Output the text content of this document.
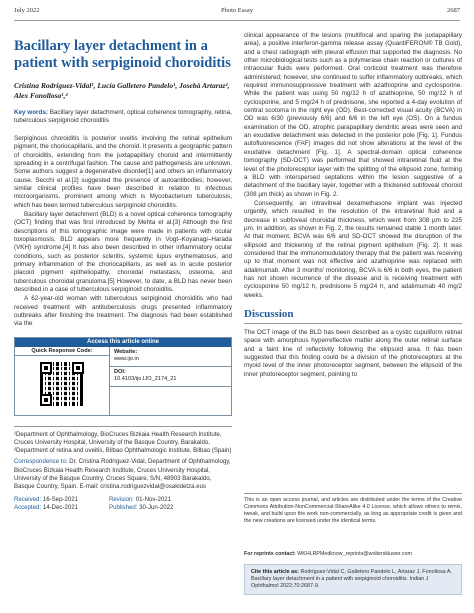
July 2022	Photo Essay	2687
Bacillary layer detachment in a patient with serpiginoid choroiditis
Cristina Rodríguez-Vidal¹, Lucía Galletero Pandelo¹, Josebà Artaraz², Alex Fonollosa¹,²
Key words: Bacillary layer detachment, optical coherence tomography, retina, tuberculous serpiginoid choroiditis

Serpiginous choroiditis is posterior uveitis involving the retinal epithelium pigment, the choriocapillaris, and the choroid. It presents a geographic pattern of choroiditis, extending from the juxtapapillary choroid and intermittently spreading in a centrifugal fashion. The cause and pathogenesis are unknown. Some authors suggest a degenerative disorder[1] and others an inflammatory cause. Secchi et al.[2] suggested the presence of autoantibodies; however, similar clinical profiles have been described in relation to infectious microorganisms, prominent among which is Mycobacterium tuberculosis, which has been termed tuberculous serpiginoid choroiditis.

Bacillary layer detachment (BLD) is a novel optical coherence tomography (OCT) finding that was first introduced by Mehta et al.[3] Although the first descriptions of this tomographic image were made in patients with ocular toxoplasmosis, BLD appears more frequently in Vogt–Koyanagi–Harada (VKH) syndrome.[4] It has also been described in other inflammatory ocular conditions, such as posterior scleritis, systemic lupus erythematosus, and primary inflammation of the choriocapillaris, as well as in acute posterior placoid pigment epitheliopathy, choroidal metastasis, osteoma, and tuberculous choroidal granuloma.[5] However, to date, a BLD has never been described in a case of tuberculous serpiginoid choroiditis.

A 62-year-old woman with tuberculous serpiginoid choroiditis who had received treatment with antituberculosis drugs presented inflammatory outbreaks after finishing the treatment. The diagnosis had been established via the

Access this article online
Quick Response Code:	Website:
www.ijo.in
DOI:
10.4103/ijo.IJO_2174_21

¹Department of Ophthalmology, BioCruces Bizkaia Health Research Institute, Cruces University Hospital, University of the Basque Country, Barakaldo, ²Department of retina and uveitis, Bilbao Ophthalmologic Institute, Bilbao (Spain)

Correspondence to: Dr. Cristina Rodríguez-Vidal, Department of Ophthalmology, BioCruces Bizkaia Health Research Institute, Cruces University Hospital, University of the Basque Country, Cruces Square, S/N, 48903 Barakaldo, Basque Country, Spain. E-mail: cristina.rodriguezvidal@osakidetza.eus

Received: 16-Sep-2021	Revision: 01-Nov-2021
Accepted: 14-Dec-2021	Published: 30-Jun-2022

clinical appearance of the lesions (multifocal and sparing the juxtapapillary area), a positive interferon-gamma release assay (QuantiFERON® TB Gold), and a chest radiograph with pleural effusion that supported the diagnosis. No other microbiological tests such as a polymerase chain reaction or cultures of intraocular fluids were performed. Oral corticoid treatment was therefore administered; however, she continued to suffer inflammatory outbreaks, which required immunosuppressive treatment with azathioprine and cyclosporine. While the patient was using 50 mg/12 h of azathioprine, 50 mg/12 h of cyclosporine, and 5 mg/24 h of prednisone, she reported a 4-day evolution of central scotoma in the right eye (OD). Best-corrected visual acuity (BCVA) in OD was 6/30 (previously 6/6) and 6/6 in the left eye (OS). On a fundus examination of the OD, atrophic parapapillary dendritic areas were seen and an exudative detachment was detected in the posterior pole [Fig. 1]. Fundus autofluorescence (FAF) images did not show alterations at the level of the exudative detachment [Fig. 1]. A spectral-domain optical coherence tomography (SD-OCT) was performed that showed intraretinal fluid at the level of the photoreceptor layer with the splitting of the ellipsoid zone, forming a BLD with interspersed septations within the lesion suggestive of a detachment of the bacillary layer, together with a thickened subfoveal choroid (308 µm thick) as shown in Fig. 2.

Consequently, an intravitreal dexamethasone implant was injected urgently, which resulted in the resolution of the intraretinal fluid and a decrease in subfoveal choroidal thickness, which went from 308 µm to 225 µm. In addition, as shown in Fig. 2, the results remained stable 1 month later. At that moment, BCVA was 6/6 and SD-OCT showed the disruption of the ellipsoid and thickening of the retinal pigment epithelium [Fig. 2]. It was considered that the immunomodulatory therapy that the patient was receiving up to that moment was not effective and azathioprine was replaced with adalimumab. After 3 months' monitoring, BCVA is 6/6 in both eyes, the patient has not shown recurrence of the disease and is receiving treatment with cyclosporine 50 mg/12 h, prednisone 5 mg/24 h, and adalimumab 40 mg/2 weeks.

Discussion

The OCT image of the BLD has been described as a cystic cupuliform retinal space with amorphous hyperreflective matter along the outer retinal surface and a faint line of reflectivity following the ellipsoid area. It has been suggested that this finding could be a division of the photoreceptors at the myoid level of the inner photoreceptor segment, between the ellipsoid of the inner photoreceptor segment, pointing to

This is an open access journal, and articles are distributed under the terms of the Creative Commons Attribution-NonCommercial-ShareAlike 4.0 License, which allows others to remix, tweak, and build upon the work non-commercially, as long as appropriate credit is given and the new creations are licensed under the identical terms.
For reprints contact: WKHLRPMedknow_reprints@wolterskluwer.com
Cite this article as: Rodríguez-Vidal C, Galletero Pandelo L, Artaraz J, Fonollosa A. Bacillary layer detachment in a patient with serpiginoid choroiditis. Indian J Ophthalmol 2022;70:2687-9.
